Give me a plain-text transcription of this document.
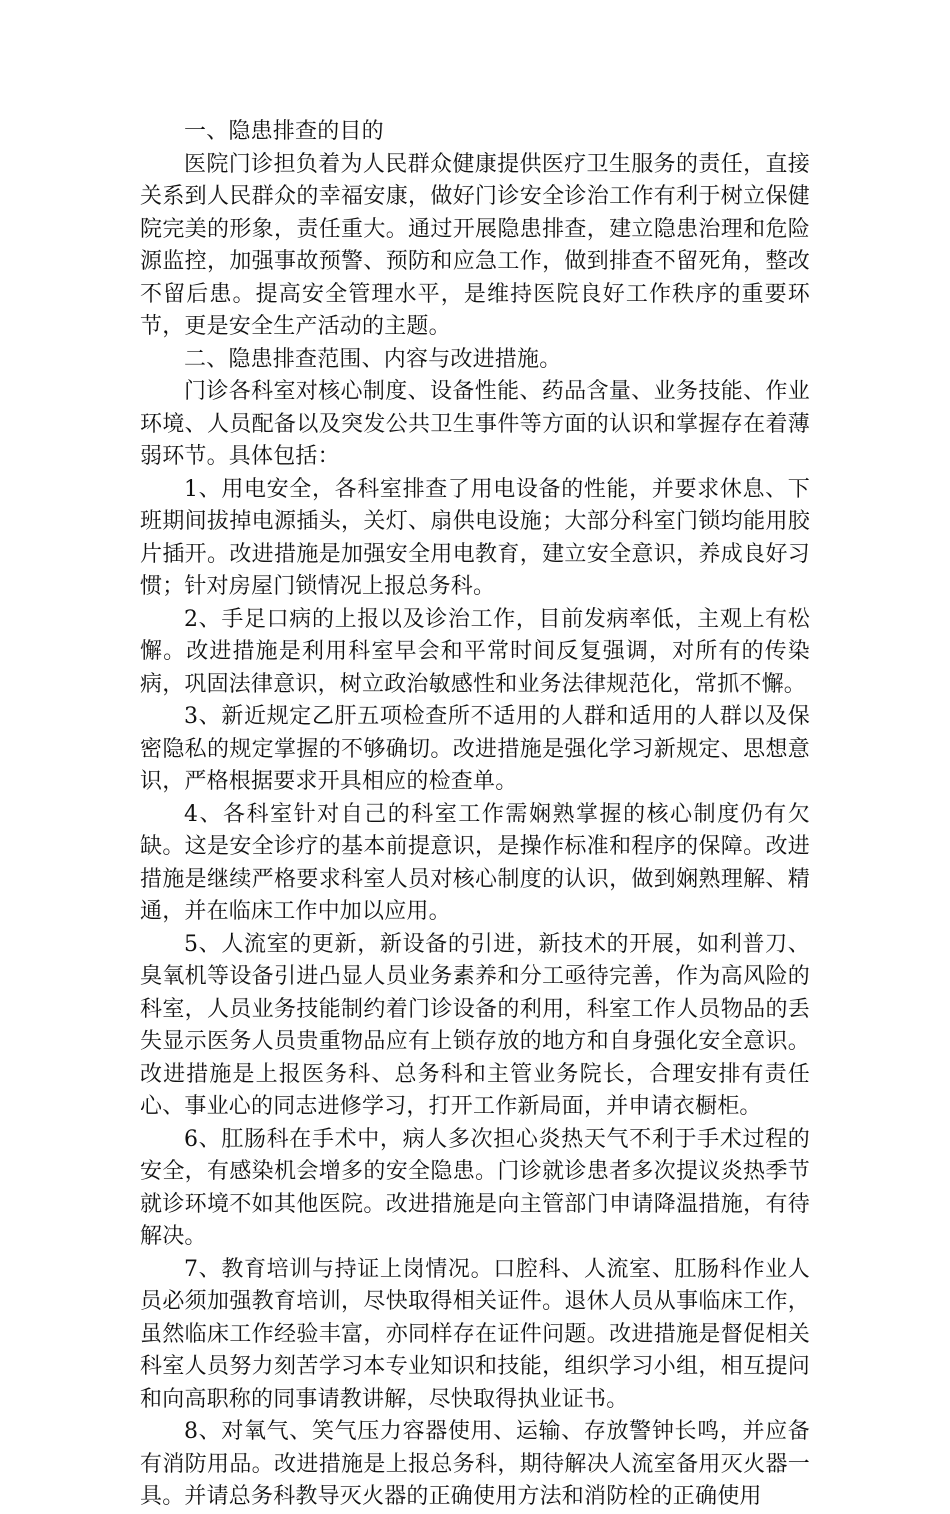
一、隐患排查的目的

医院门诊担负着为人民群众健康提供医疗卫生服务的责任，直接关系到人民群众的幸福安康，做好门诊安全诊治工作有利于树立保健院完美的形象，责任重大。通过开展隐患排查，建立隐患治理和危险源监控，加强事故预警、预防和应急工作，做到排查不留死角，整改不留后患。提高安全管理水平，是维持医院良好工作秩序的重要环节，更是安全生产活动的主题。

二、隐患排查范围、内容与改进措施。

门诊各科室对核心制度、设备性能、药品含量、业务技能、作业环境、人员配备以及突发公共卫生事件等方面的认识和掌握存在着薄弱环节。具体包括：

1、用电安全，各科室排查了用电设备的性能，并要求休息、下班期间拔掉电源插头，关灯、扇供电设施；大部分科室门锁均能用胶片插开。改进措施是加强安全用电教育，建立安全意识，养成良好习惯；针对房屋门锁情况上报总务科。

2、手足口病的上报以及诊治工作，目前发病率低，主观上有松懈。改进措施是利用科室早会和平常时间反复强调，对所有的传染病，巩固法律意识，树立政治敏感性和业务法律规范化，常抓不懈。

3、新近规定乙肝五项检查所不适用的人群和适用的人群以及保密隐私的规定掌握的不够确切。改进措施是强化学习新规定、思想意识，严格根据要求开具相应的检查单。

4、各科室针对自己的科室工作需娴熟掌握的核心制度仍有欠缺。这是安全诊疗的基本前提意识，是操作标准和程序的保障。改进措施是继续严格要求科室人员对核心制度的认识，做到娴熟理解、精通，并在临床工作中加以应用。

5、人流室的更新，新设备的引进，新技术的开展，如利普刀、臭氧机等设备引进凸显人员业务素养和分工亟待完善，作为高风险的科室，人员业务技能制约着门诊设备的利用，科室工作人员物品的丢失显示医务人员贵重物品应有上锁存放的地方和自身强化安全意识。改进措施是上报医务科、总务科和主管业务院长，合理安排有责任心、事业心的同志进修学习，打开工作新局面，并申请衣橱柜。

6、肛肠科在手术中，病人多次担心炎热天气不利于手术过程的安全，有感染机会增多的安全隐患。门诊就诊患者多次提议炎热季节就诊环境不如其他医院。改进措施是向主管部门申请降温措施，有待解决。

7、教育培训与持证上岗情况。口腔科、人流室、肛肠科作业人员必须加强教育培训，尽快取得相关证件。退休人员从事临床工作，虽然临床工作经验丰富，亦同样存在证件问题。改进措施是督促相关科室人员努力刻苦学习本专业知识和技能，组织学习小组，相互提问和向高职称的同事请教讲解，尽快取得执业证书。

8、对氧气、笑气压力容器使用、运输、存放警钟长鸣，并应备有消防用品。改进措施是上报总务科，期待解决人流室备用灭火器一具。并请总务科教导灭火器的正确使用方法和消防栓的正确使用
